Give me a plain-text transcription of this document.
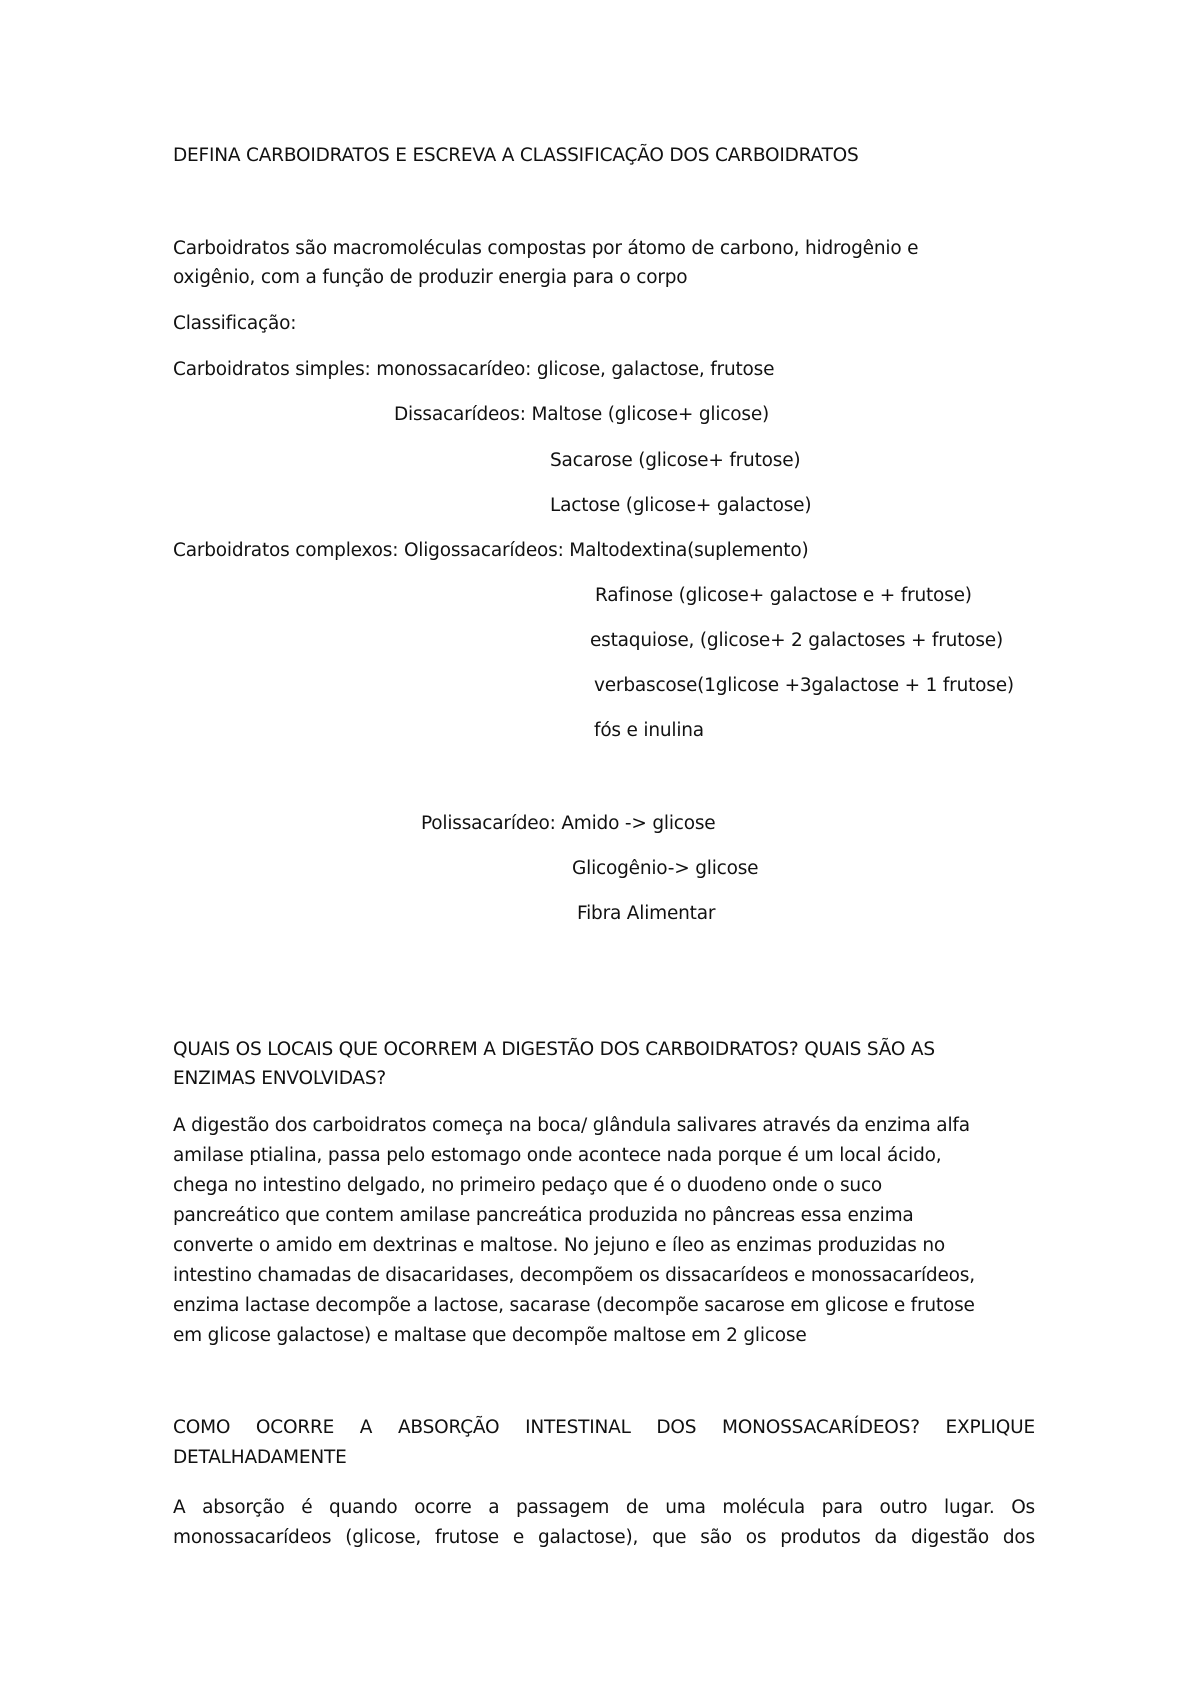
DEFINA CARBOIDRATOS E ESCREVA A CLASSIFICAÇÃO DOS CARBOIDRATOS
Carboidratos são macromoléculas compostas por átomo de carbono, hidrogênio e
oxigênio, com a função de produzir energia para o corpo
Classificação:
Carboidratos simples: monossacarídeo: glicose, galactose, frutose
Dissacarídeos: Maltose (glicose+ glicose)
Sacarose (glicose+ frutose)
Lactose (glicose+ galactose)
Carboidratos complexos: Oligossacarídeos: Maltodextina(suplemento)
Rafinose (glicose+ galactose e + frutose)
estaquiose, (glicose+ 2 galactoses + frutose)
verbascose(1glicose +3galactose + 1 frutose)
fós e inulina
Polissacarídeo: Amido -> glicose
Glicogênio-> glicose
Fibra Alimentar
QUAIS OS LOCAIS QUE OCORREM A DIGESTÃO DOS CARBOIDRATOS? QUAIS SÃO AS
ENZIMAS ENVOLVIDAS?
A digestão dos carboidratos começa na boca/ glândula salivares através da enzima alfa
amilase ptialina, passa pelo estomago onde acontece nada porque é um local ácido,
chega no intestino delgado, no primeiro pedaço que é o duodeno onde o suco
pancreático que contem amilase pancreática produzida no pâncreas essa enzima
converte o amido em dextrinas e maltose. No jejuno e íleo as enzimas produzidas no
intestino chamadas de disacaridases, decompõem os dissacarídeos e monossacarídeos,
enzima lactase decompõe a lactose, sacarase (decompõe sacarose em glicose e frutose
em glicose galactose) e maltase que decompõe maltose em 2 glicose
COMO OCORRE A ABSORÇÃO INTESTINAL DOS MONOSSACARÍDEOS? EXPLIQUE
DETALHADAMENTE
A absorção é quando ocorre a passagem de uma molécula para outro lugar. Os
monossacarídeos (glicose, frutose e galactose), que são os produtos da digestão dos
